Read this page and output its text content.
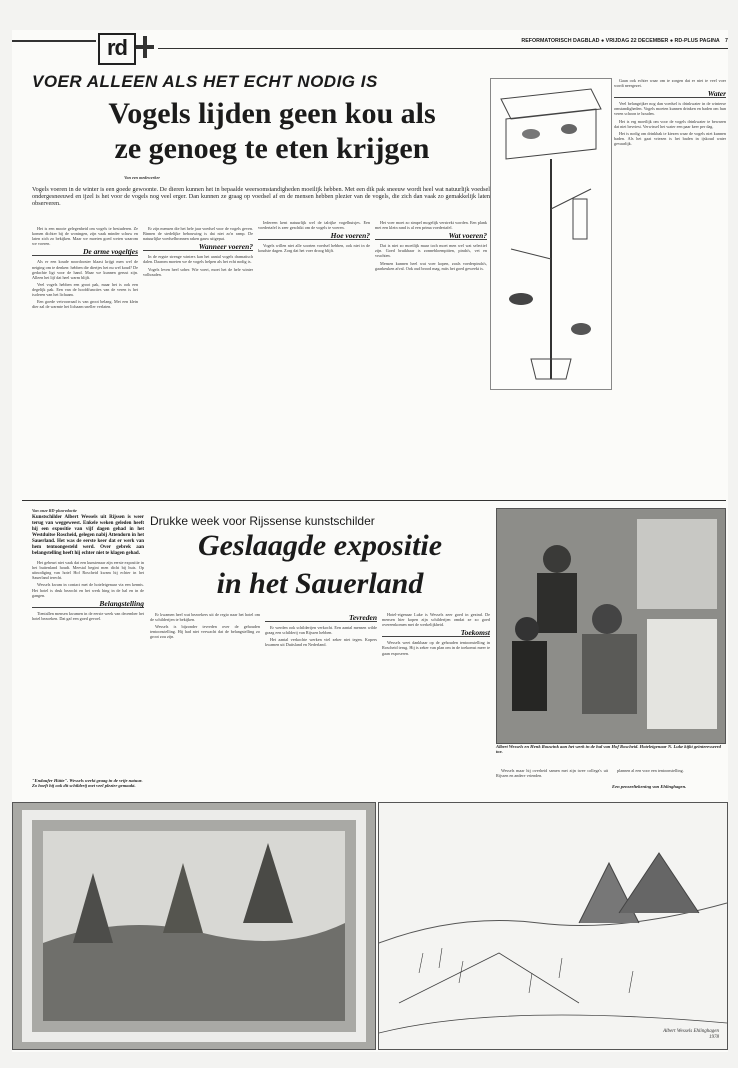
rd	REFORMATORISCH DAGBLAD ● VRIJDAG 22 DECEMBER ● RD-PLUS PAGINA 7
VOER ALLEEN ALS HET ECHT NODIG IS
Vogels lijden geen kou als
ze genoeg te eten krijgen
Van een medewerker
Vogels voeren in de winter is een goede gewoonte. De dieren kunnen het in bepaalde weersomstandigheden moeilijk hebben. Met een dik pak sneeuw wordt heel wat natuurlijk voedsel ondergesneeuwd en ijzel is het voor de vogels nog veel erger. Dan kunnen ze graag op voedsel af en de mensen hebben plezier van de vogels, die zich dan vaak zo gemakkelijk laten observeren.

Het is een mooie gelegenheid om vogels te bestuderen. Ze komen dichter bij de woningen, zijn vaak minder schuw en laten zich zo bekijken. Maar we moeten goed weten waarom we voeren.

De arme vogeltjes

Als er een koude noordooster blaast krijgt men wel de neiging om te denken: hebben die diertjes het nu wel koud? De gedachte ligt voor de hand. Maar we kunnen gerust zijn. Alleen het lijf dat heel warm blijft.

Veel vogels hebben een groot pak, maar het is ook een degelijk pak. Een van de hoofdfuncties van de veren is het isoleren van het lichaam.

Een goede vetvoorraad is van groot belang. Met een klein dier zal de warmte het lichaam sneller verlaten.

Er zijn mensen die het hele jaar voedsel voor de vogels geven. Binnen de stedelijke bebouwing is dat niet zo'n ramp. De natuurlijke voedselbronnen raken gauw uitgeput.

Wanneer voeren?

In de ergste strenge winters kan het aantal vogels dramatisch dalen. Daarom moeten we de vogels helpen als het echt nodig is.

Vogels leven heel sober. Wie voert, moet het de hele winter volhouden.

Iedereen kent natuurlijk wel de talrijke vogelhuisjes. Een voedertafel is zeer geschikt om de vogels te voeren.

Hoe voeren?

Vogels willen niet alle soorten voedsel hebben, ook niet in de koudste dagen. Zorg dat het voer droog blijft.

Het voer moet zo simpel mogelijk verstrekt worden. Een plank met een klein rand is al een prima voedertafel.

Wat voeren?

Dat is niet zo moeilijk maar toch moet men wel wat selectief zijn. Goed bruikbaar is zonnebloempitten, pinda's, vet en vruchten.

Mensen kunnen heel wat voer kopen, zoals voederpinda's, gaarkeuken afval. Ook oud brood mag, mits het goed geweekt is.

Gaan ook echter waar om te zorgen dat er niet te veel voer wordt neergezet.

Water

Veel belangrijker nog dan voedsel is drinkwater in de winterse omstandigheden. Vogels moeten kunnen drinken en baden om hun veren schoon te houden.

Het is erg moeilijk om voor de vogels drinkwater te bewaren dat niet bevriest. Verwissel het water een paar keer per dag.

Het is nodig om drinkbak te kiezen waar de vogels niet kunnen baden. Als het gaat vriezen is het baden in ijskoud water gevaarlijk.

Van onze RD-plusredactie
Kunstschilder Albert Wessels uit Rijssen is weer terug van weggeweest. Enkele weken geleden heeft hij een expositie van vijf dagen gehad in het Westduitse Roscheid, gelegen nabij Attendorn in het Sauerland. Het was de eerste keer dat er werk van hem tentoongesteld werd. Over gebrek aan belangstelling heeft hij echter niet te klagen gehad.

Het gebeurt niet vaak dat een kunstenaar zijn eerste expositie in het buitenland houdt. Meestal begint men dicht bij huis. Op uitnodiging van hotel Hof Roscheid kwam hij echter in het Sauerland terecht.

Wessels kwam in contact met de hoteleigenaar via een kennis. Het hotel is druk bezocht en het werk hing in de hal en in de gangen.

Belangstelling

Tientallen mensen kwamen in de eerste week van december het hotel bezoeken. Dat gaf een goed gevoel.

"Endaufer Hütte". Wessels werkt graag in de vrije natuur. Zo hoeft hij ook dit schilderij met veel plezier gemaakt.
Drukke week voor Rijssense kunstschilder
Geslaagde expositie
in het Sauerland

Er kwamen heel wat bezoekers uit de regio naar het hotel om de schilderijen te bekijken.

Wessels is bijzonder tevreden over de gehouden tentoonstelling. Hij had niet verwacht dat de belangstelling zo groot zou zijn.

Tevreden

Er werden ook schilderijen verkocht. Een aantal mensen wilde graag een schilderij van Rijssen hebben.

Het aantal verkochte werken viel zeker niet tegen. Kopers kwamen uit Duitsland en Nederland.

Hotel-eigenaar Luke is Wessels zeer goed in gezind. De mensen hier kopen zijn schilderijen omdat ze zo goed overeenkomen met de werkelijkheid.

Toekomst

Wessels weet dankbaar op de gehouden tentoonstelling in Roscheid terug. Hij is zeker van plan om in de toekomst meer te gaan exposeren.

Albert Wessels en Henk Rouwink aan het werk in de hal van Hof Roscheid. Hoteleigenaar N. Luke kijkt geïnteresseerd toe.

Wessels maar hij overheid samen met zijn twee collega's uit Rijssen en andere vrienden.

plannen al een voor een tentoonstelling.

Een penseeltekening van Ehlinghagen.
Albert Wessels Ehlinghagen 1978
